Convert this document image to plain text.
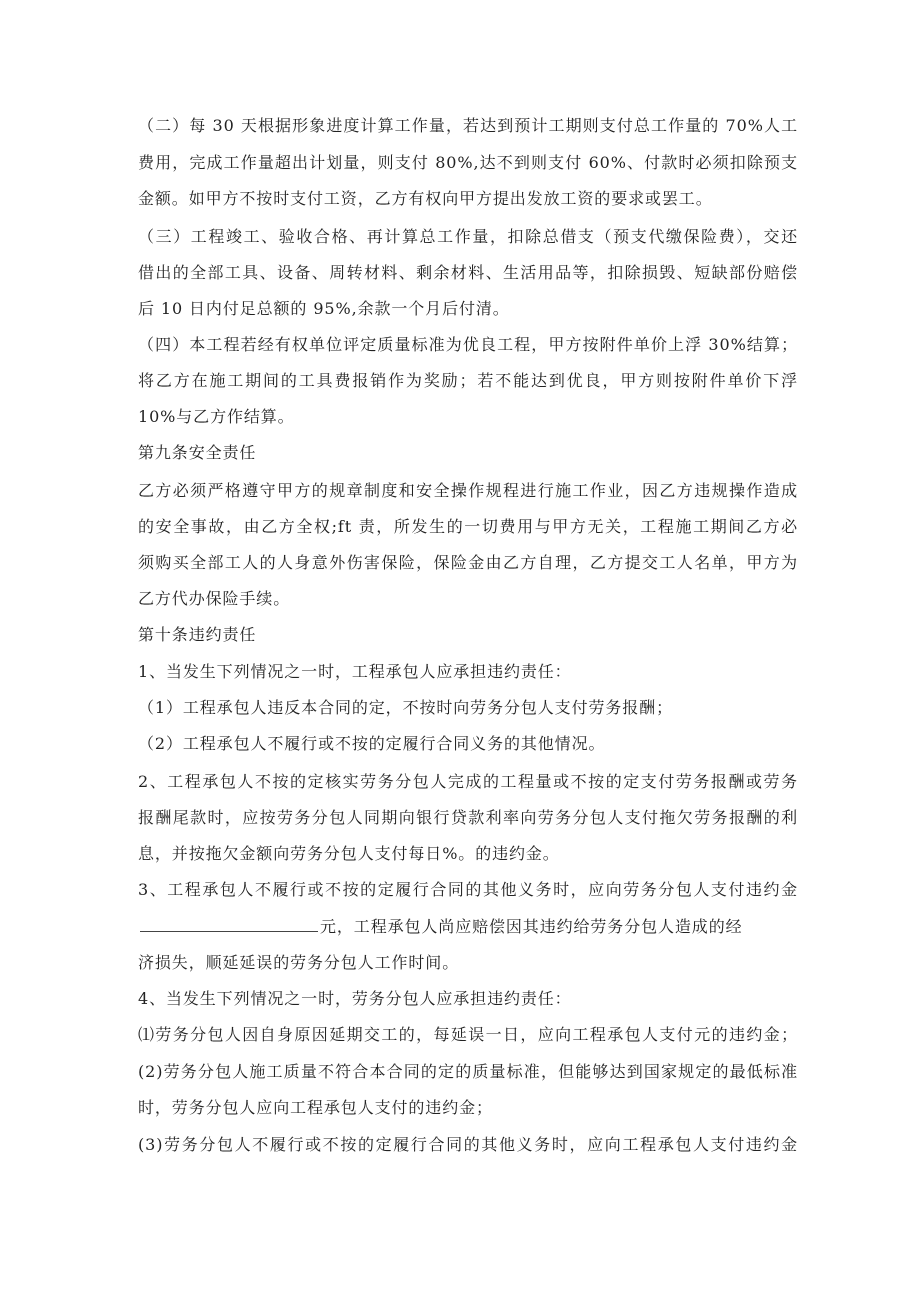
（二）每 30 天根据形象进度计算工作量，若达到预计工期则支付总工作量的 70%人工
费用，完成工作量超出计划量，则支付 80%,达不到则支付 60%、付款时必须扣除预支
金额。如甲方不按时支付工资，乙方有权向甲方提出发放工资的要求或罢工。
（三）工程竣工、验收合格、再计算总工作量，扣除总借支（预支代缴保险费），交还
借出的全部工具、设备、周转材料、剩余材料、生活用品等，扣除损毁、短缺部份赔偿
后 10 日内付足总额的 95%,余款一个月后付清。
（四）本工程若经有权单位评定质量标准为优良工程，甲方按附件单价上浮 30%结算；
将乙方在施工期间的工具费报销作为奖励；若不能达到优良，甲方则按附件单价下浮
10%与乙方作结算。
第九条安全责任
乙方必须严格遵守甲方的规章制度和安全操作规程进行施工作业，因乙方违规操作造成
的安全事故，由乙方全权;ft 责，所发生的一切费用与甲方无关，工程施工期间乙方必
须购买全部工人的人身意外伤害保险，保险金由乙方自理，乙方提交工人名单，甲方为
乙方代办保险手续。
第十条违约责任
1、当发生下列情况之一时，工程承包人应承担违约责任：
（1）工程承包人违反本合同的定，不按时向劳务分包人支付劳务报酬；
（2）工程承包人不履行或不按的定履行合同义务的其他情况。
2、工程承包人不按的定核实劳务分包人完成的工程量或不按的定支付劳务报酬或劳务
报酬尾款时，应按劳务分包人同期向银行贷款利率向劳务分包人支付拖欠劳务报酬的利
息，并按拖欠金额向劳务分包人支付每日%。的违约金。
3、工程承包人不履行或不按的定履行合同的其他义务时，应向劳务分包人支付违约金
元，工程承包人尚应赔偿因其违约给劳务分包人造成的经
济损失，顺延延误的劳务分包人工作时间。
4、当发生下列情况之一时，劳务分包人应承担违约责任：
⑴劳务分包人因自身原因延期交工的，每延误一日，应向工程承包人支付元的违约金；
(2)劳务分包人施工质量不符合本合同的定的质量标准，但能够达到国家规定的最低标准
时，劳务分包人应向工程承包人支付的违约金；
(3)劳务分包人不履行或不按的定履行合同的其他义务时，应向工程承包人支付违约金
